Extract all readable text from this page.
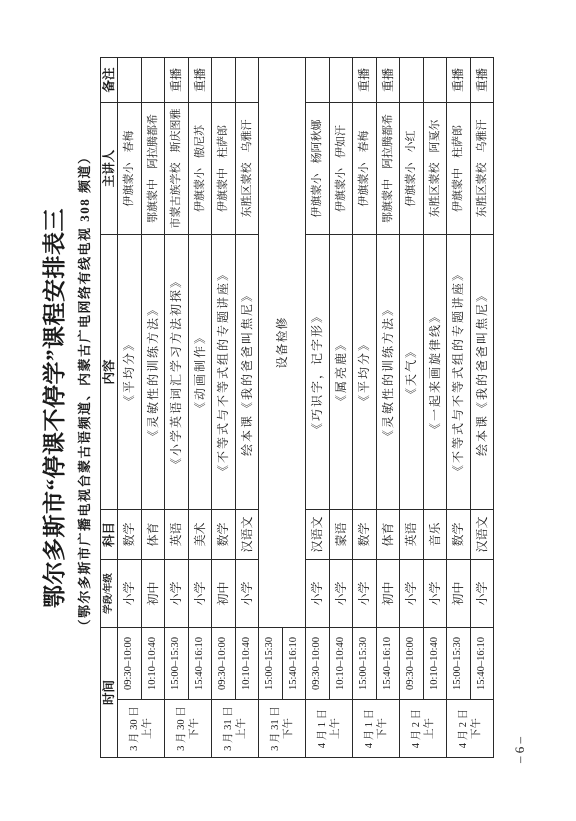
鄂尔多斯市“停课不停学”课程安排表三 （鄂尔多斯市广播电视台蒙古语频道、内蒙古广电网络有线电视 308 频道）
时间		学段/年级	科目	内容	主讲人	备注
3 月 30 日 上午	09:30–10:00	小学	数学	《平均分》	伊旗蒙小春梅	
	10:10–10:40	初中	体育	《灵敏性的训练方法》	鄂旗蒙中阿拉腾都希	
3 月 30 日 下午	15:00–15:30	小学	英语	《小学英语词汇学习方法初探》	市蒙古族学校斯庆图雅	重播
	15:40–16:10	小学	美术	《动画制作》	伊旗蒙小傲尼苏	重播
3 月 31 日 上午	09:30–10:00	初中	数学	《不等式与不等式组的专题讲座》	伊旗蒙中柱萨郎	
	10:10–10:40	小学	汉语文	绘本课《我的爸爸叫焦尼》	东胜区蒙校乌雅汗	
3 月 31 日 下午	15:00–15:30	设备检修				
	15:40–16:10					
4 月 1 日 上午	09:30–10:00	小学	汉语文	《巧识字，记字形》	伊旗蒙小杨阿秋娜	
	10:10–10:40	小学	蒙语	《属亮鹿》	伊旗蒙小伊如汗	
4 月 1 日 下午	15:00–15:30	小学	数学	《平均分》	伊旗蒙小春梅	重播
	15:40–16:10	初中	体育	《灵敏性的训练方法》	鄂旗蒙中阿拉腾都希	重播
4 月 2 日 上午	09:30–10:00	小学	英语	《天气》	伊旗蒙小小红	
	10:10–10:40	小学	音乐	《一起来画旋律线》	东胜区蒙校阿戛尔	
4 月 2 日 下午	15:00–15:30	初中	数学	《不等式与不等式组的专题讲座》	伊旗蒙中柱萨郎	重播
	15:40–16:10	小学	汉语文	绘本课《我的爸爸叫焦尼》	东胜区蒙校乌雅汗	重播
– 6 –
